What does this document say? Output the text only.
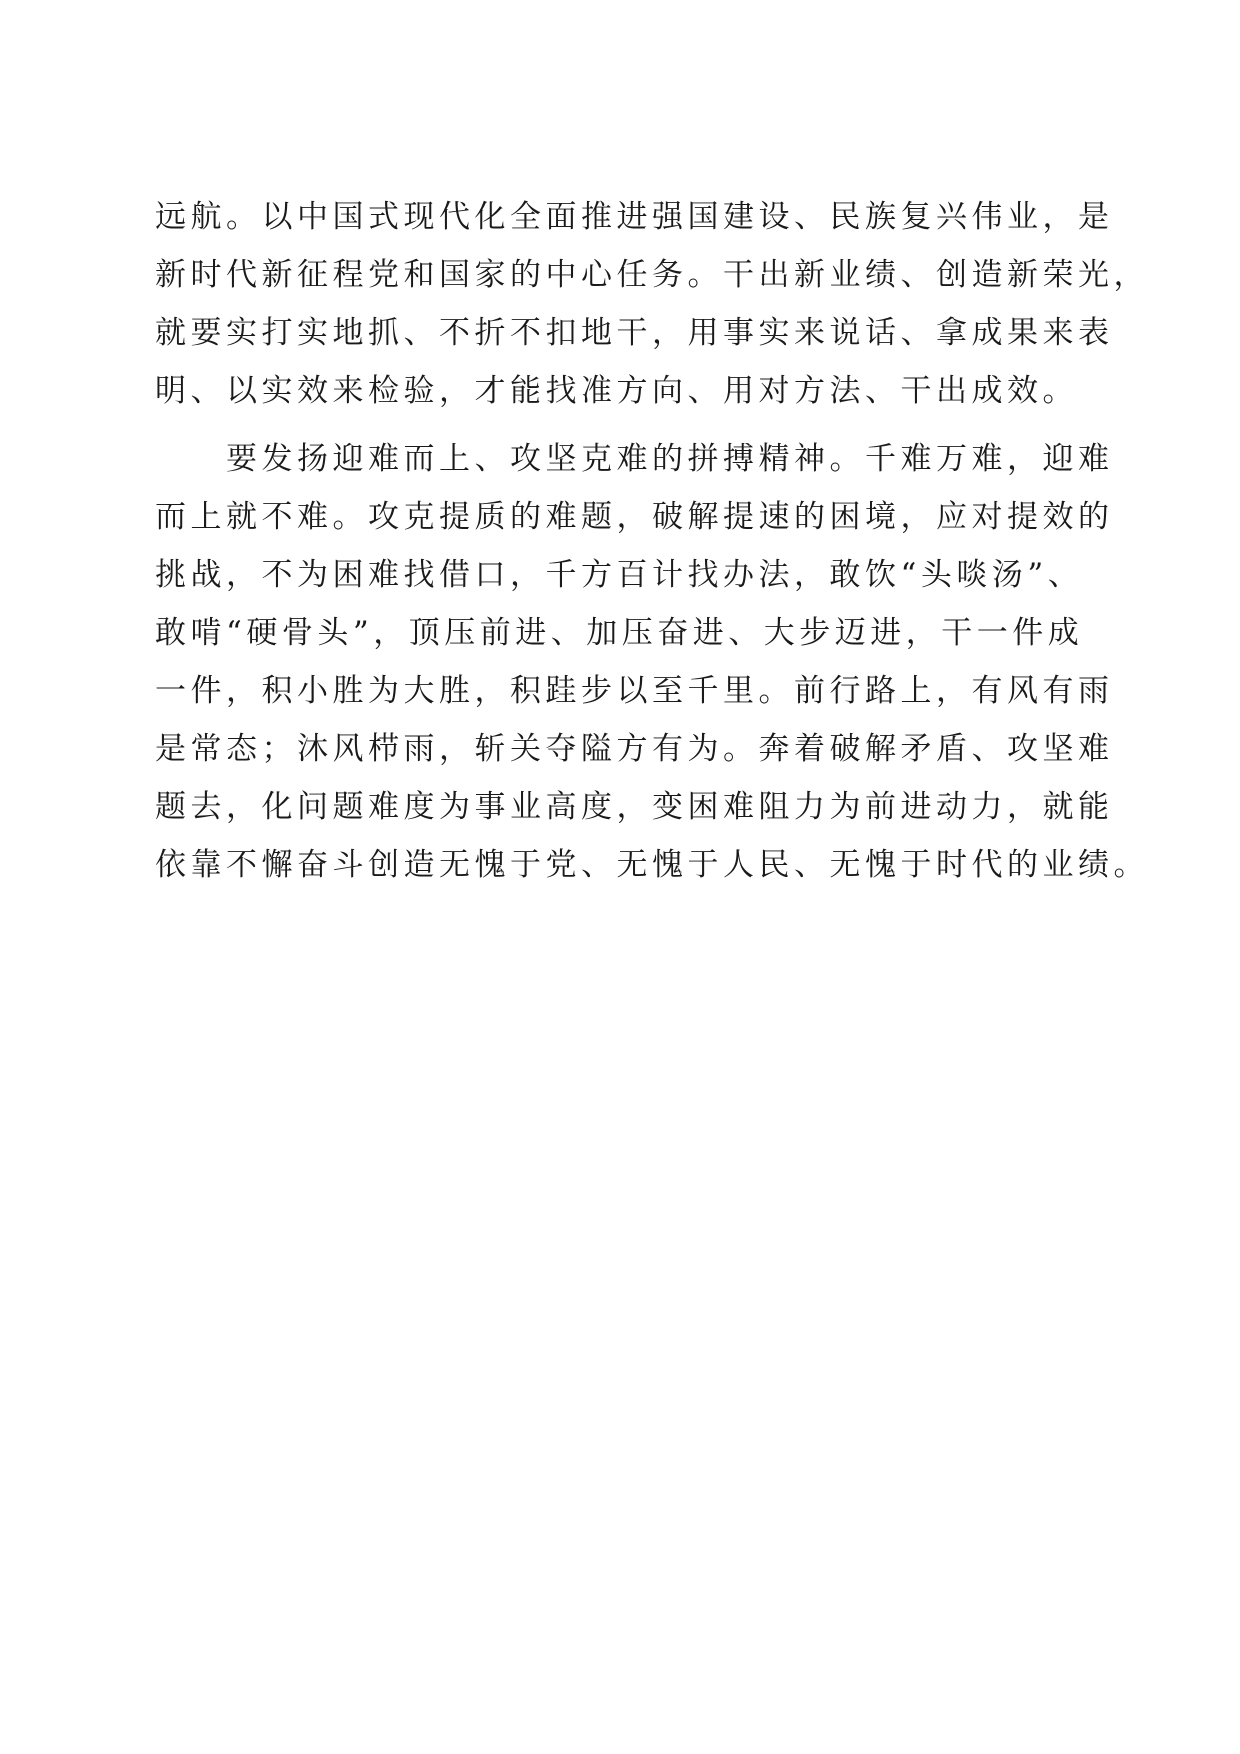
远航。以中国式现代化全面推进强国建设、民族复兴伟业，是
新时代新征程党和国家的中心任务。干出新业绩、创造新荣光，
就要实打实地抓、不折不扣地干，用事实来说话、拿成果来表
明、以实效来检验，才能找准方向、用对方法、干出成效。
　　要发扬迎难而上、攻坚克难的拼搏精神。千难万难，迎难
而上就不难。攻克提质的难题，破解提速的困境，应对提效的
挑战，不为困难找借口，千方百计找办法，敢饮“头啖汤”、
敢啃“硬骨头”，顶压前进、加压奋进、大步迈进，干一件成
一件，积小胜为大胜，积跬步以至千里。前行路上，有风有雨
是常态；沐风栉雨，斩关夺隘方有为。奔着破解矛盾、攻坚难
题去，化问题难度为事业高度，变困难阻力为前进动力，就能
依靠不懈奋斗创造无愧于党、无愧于人民、无愧于时代的业绩。
